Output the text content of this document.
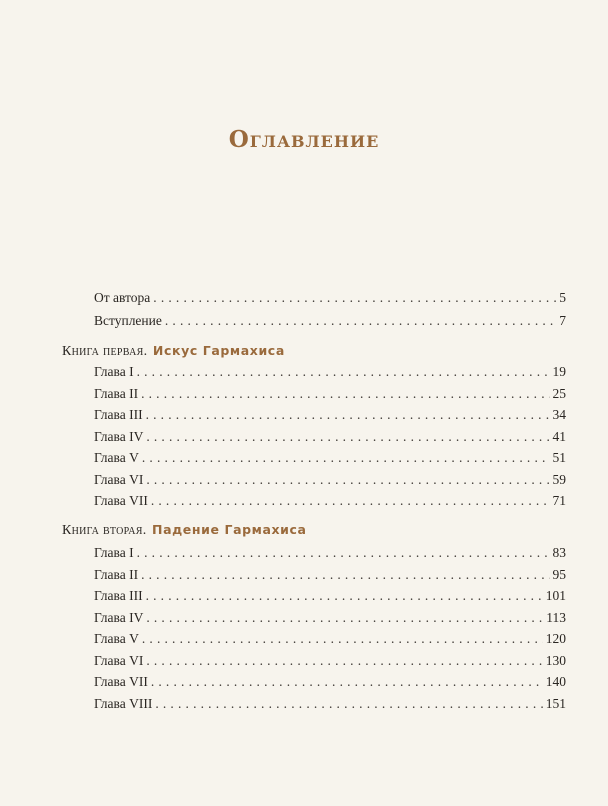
Оглавление
От автора . . .	5
Вступление . . .	7
Книга первая. Искус Гармахиса
Глава I . . .	19
Глава II . . .	25
Глава III . . .	34
Глава IV . . .	41
Глава V . . .	51
Глава VI . . .	59
Глава VII . . .	71
Книга вторая. Падение Гармахиса
Глава I . . .	83
Глава II . . .	95
Глава III . . .	101
Глава IV . . .	113
Глава V . . .	120
Глава VI . . .	130
Глава VII . . .	140
Глава VIII . . .	151
